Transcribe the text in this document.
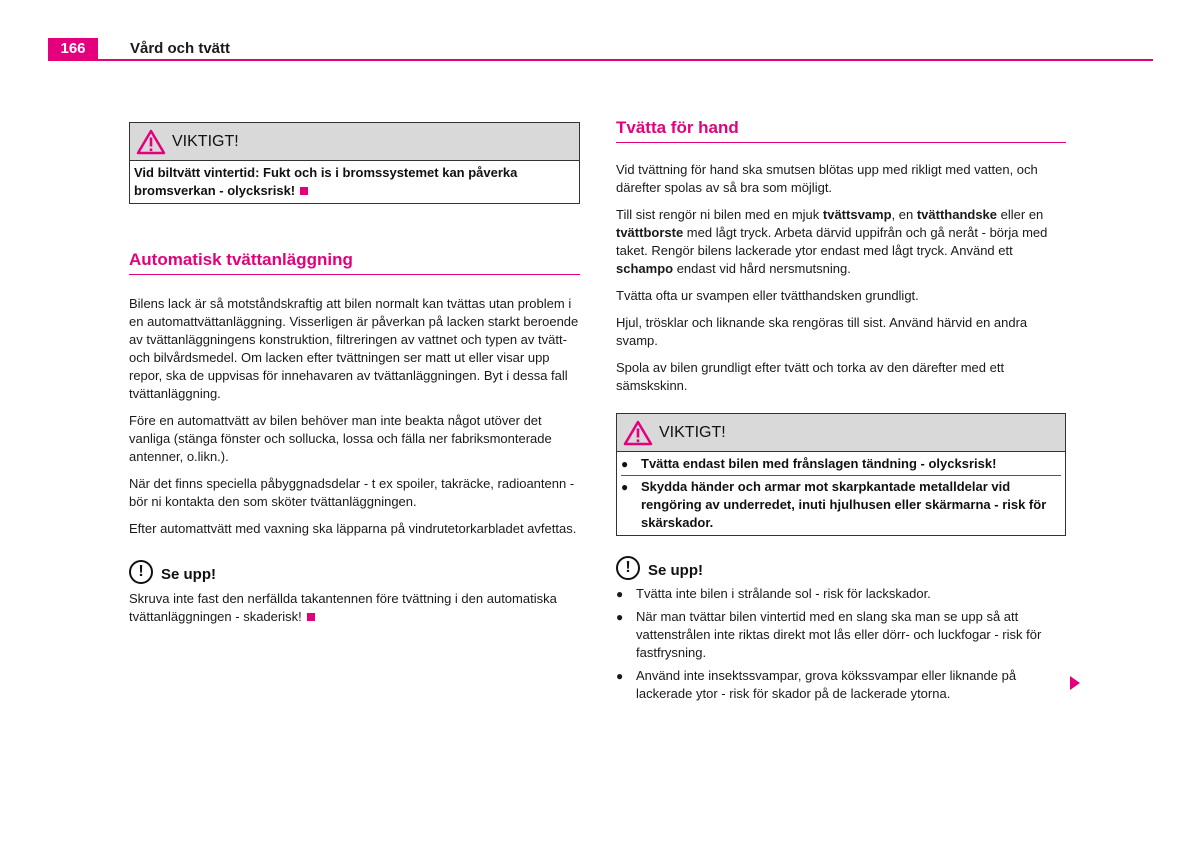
166	Vård och tvätt
VIKTIGT!
Vid biltvätt vintertid: Fukt och is i bromssystemet kan påverka bromsverkan - olycksrisk!
Automatisk tvättanläggning

Bilens lack är så motståndskraftig att bilen normalt kan tvättas utan problem i en automattvättanläggning. Visserligen är påverkan på lacken starkt beroende av tvättanläggningens konstruktion, filtreringen av vattnet och typen av tvätt- och bilvårdsmedel. Om lacken efter tvättningen ser matt ut eller visar upp repor, ska de uppvisas för innehavaren av tvättanläggningen. Byt i dessa fall tvättanläggning.

Före en automattvätt av bilen behöver man inte beakta något utöver det vanliga (stänga fönster och sollucka, lossa och fälla ner fabriksmonterade antenner, o.likn.).

När det finns speciella påbyggnadsdelar - t ex spoiler, takräcke, radioantenn - bör ni kontakta den som sköter tvättanläggningen.

Efter automattvätt med vaxning ska läpparna på vindrutetorkarbladet avfettas.

!	Se upp!

Skruva inte fast den nerfällda takantennen före tvättning i den automatiska tvättanläggningen - skaderisk!

Tvätta för hand

Vid tvättning för hand ska smutsen blötas upp med rikligt med vatten, och därefter spolas av så bra som möjligt.

Till sist rengör ni bilen med en mjuk tvättsvamp, en tvätthandske eller en tvättborste med lågt tryck. Arbeta därvid uppifrån och gå neråt - börja med taket. Rengör bilens lackerade ytor endast med lågt tryck. Använd ett schampo endast vid hård nersmutsning.

Tvätta ofta ur svampen eller tvätthandsken grundligt.

Hjul, trösklar och liknande ska rengöras till sist. Använd härvid en andra svamp.

Spola av bilen grundligt efter tvätt och torka av den därefter med ett sämskskinn.

VIKTIGT!
● Tvätta endast bilen med frånslagen tändning - olycksrisk!
● Skydda händer och armar mot skarpkantade metalldelar vid rengöring av underredet, inuti hjulhusen eller skärmarna - risk för skärskador.
!	Se upp!
● Tvätta inte bilen i strålande sol - risk för lackskador.
● När man tvättar bilen vintertid med en slang ska man se upp så att vattenstrålen inte riktas direkt mot lås eller dörr- och luckfogar - risk för fastfrysning.
● Använd inte insektssvampar, grova kökssvampar eller liknande på lackerade ytor - risk för skador på de lackerade ytorna.
